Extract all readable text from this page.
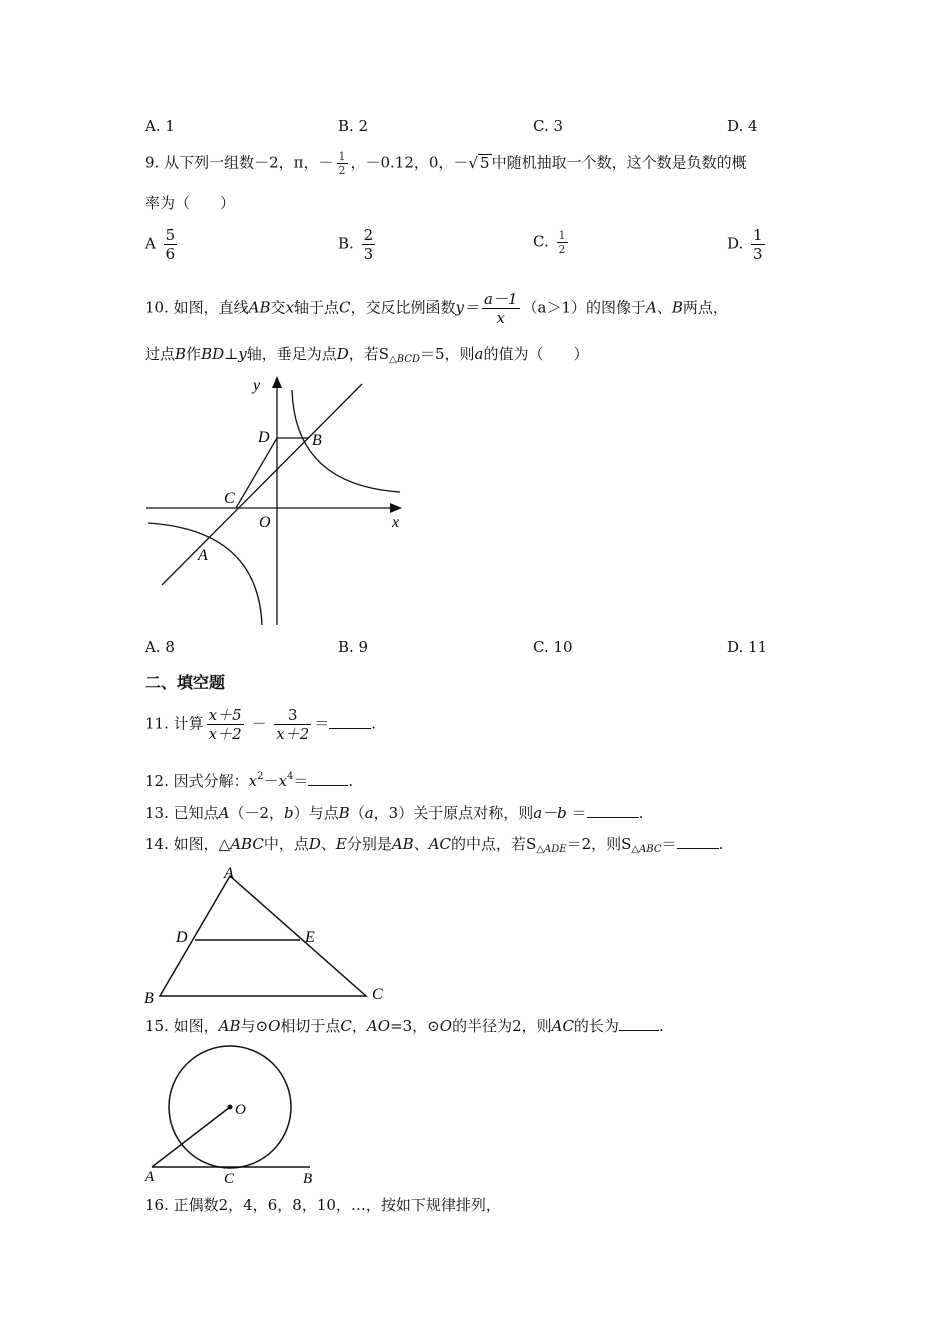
A. 1	B. 2	C. 3	D. 4
9. 从下列一组数－2，π，－ $\frac{1}{2}$ ，－0.12，0，－√ 5 中随机抽取一个数，这个数是负数的概
率为（　　）
A $\frac{5}{6}$	B. $\frac{2}{3}$	C. $\frac{1}{2}$	D. $\frac{1}{3}$
10. 如图，直线AB交x轴于点C，交反比例函数$y= \frac{a-1}{x} (a>1)$的图像于A、B两点，
过点B作BD⊥y轴，垂足为点D，若$S_{\triangle BCD}=5$，则a的值为（　　）
y
x
D	B
C
O
A
A. 8	B. 9	C. 10	D. 11
二、填空题
11. 计算 $\frac{x+5}{x+2} - \frac{3}{x+2}$ ＝	.
12. 因式分解：$x^2-x^4=$	.
13. 已知点A（－2，b）与点B（a，3）关于原点对称，则a－b ＝	.
14. 如图，△ABC中，点D、E分别是AB、AC的中点，若$S_{\triangle ADE}=2$，则$S_{\triangle ABC}=$	.
A
D	E
B	C
15. 如图，AB与⊙O相切于点C，AO=3，⊙O的半径为2，则AC的长为	.
O
A	C	B
16. 正偶数2，4，6，8，10，…，按如下规律排列，
